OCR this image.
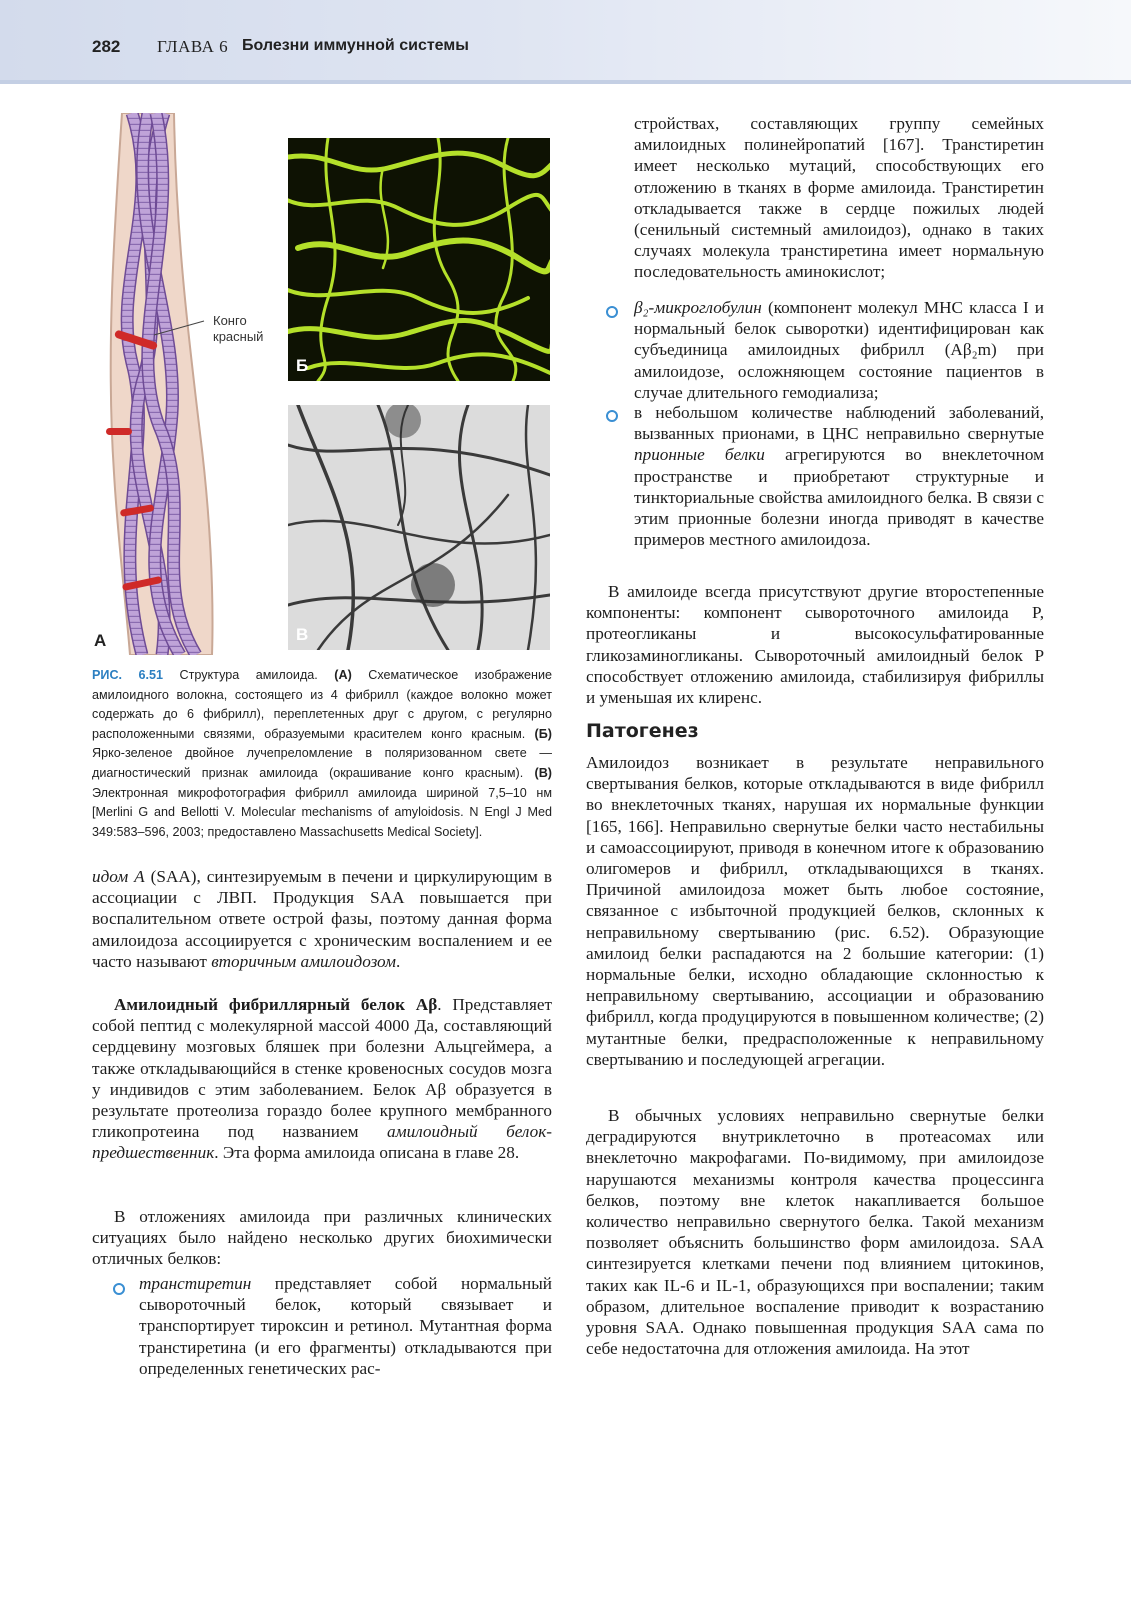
282 ГЛАВА 6 Болезни иммунной системы
А
Конго
красный
Б
В
РИС. 6.51 Структура амилоида. (А) Схематическое изображение амилоидного волокна, состоящего из 4 фибрилл (каждое волокно может содержать до 6 фибрилл), переплетенных друг с другом, с регулярно расположенными связями, образуемыми красителем конго красным. (Б) Ярко-зеленое двойное лучепреломление в поляризованном свете — диагностический признак амилоида (окрашивание конго красным). (В) Электронная микрофотография фибрилл амилоида шириной 7,5–10 нм [Merlini G and Bellotti V. Molecular mechanisms of amyloidosis. N Engl J Med 349:583–596, 2003; предоставлено Massachusetts Medical Society].

идом А (SAA), синтезируемым в печени и циркулирующим в ассоциации с ЛВП. Продукция SAA повышается при воспалительном ответе острой фазы, поэтому данная форма амилоидоза ассоциируется с хроническим воспалением и ее часто называют вторичным амилоидозом.

Амилоидный фибриллярный белок Aβ. Представляет собой пептид с молекулярной массой 4000 Да, составляющий сердцевину мозговых бляшек при болезни Альцгеймера, а также откладывающийся в стенке кровеносных сосудов мозга у индивидов с этим заболеванием. Белок Aβ образуется в результате протеолиза гораздо более крупного мембранного гликопротеина под названием амилоидный белок-предшественник. Эта форма амилоида описана в главе 28.

В отложениях амилоида при различных клинических ситуациях было найдено несколько других биохимически отличных белков:

транстиретин представляет собой нормальный сывороточный белок, который связывает и транспортирует тироксин и ретинол. Мутантная форма транстиретина (и его фрагменты) откладываются при определенных генетических рас-

стройствах, составляющих группу семейных амилоидных полинейропатий [167]. Транстиретин имеет несколько мутаций, способствующих его отложению в тканях в форме амилоида. Транстиретин откладывается также в сердце пожилых людей (сенильный системный амилоидоз), однако в таких случаях молекула транстиретина имеет нормальную последовательность аминокислот;

β₂-микроглобулин (компонент молекул МНС класса I и нормальный белок сыворотки) идентифицирован как субъединица амилоидных фибрилл (Aβ₂m) при амилоидозе, осложняющем состояние пациентов в случае длительного гемодиализа;

в небольшом количестве наблюдений заболеваний, вызванных прионами, в ЦНС неправильно свернутые прионные белки агрегируются во внеклеточном пространстве и приобретают структурные и тинкториальные свойства амилоидного белка. В связи с этим прионные болезни иногда приводят в качестве примеров местного амилоидоза.

В амилоиде всегда присутствуют другие второстепенные компоненты: компонент сывороточного амилоида P, протеогликаны и высокосульфатированные гликозаминогликаны. Сывороточный амилоидный белок P способствует отложению амилоида, стабилизируя фибриллы и уменьшая их клиренс.

Патогенез

Амилоидоз возникает в результате неправильного свертывания белков, которые откладываются в виде фибрилл во внеклеточных тканях, нарушая их нормальные функции [165, 166]. Неправильно свернутые белки часто нестабильны и самоассоциируют, приводя в конечном итоге к образованию олигомеров и фибрилл, откладывающихся в тканях. Причиной амилоидоза может быть любое состояние, связанное с избыточной продукцией белков, склонных к неправильному свертыванию (рис. 6.52). Образующие амилоид белки распадаются на 2 большие категории: (1) нормальные белки, исходно обладающие склонностью к неправильному свертыванию, ассоциации и образованию фибрилл, когда продуцируются в повышенном количестве; (2) мутантные белки, предрасположенные к неправильному свертыванию и последующей агрегации.

В обычных условиях неправильно свернутые белки деградируются внутриклеточно в протеасомах или внеклеточно макрофагами. По-видимому, при амилоидозе нарушаются механизмы контроля качества процессинга белков, поэтому вне клеток накапливается большое количество неправильно свернутого белка. Такой механизм позволяет объяснить большинство форм амилоидоза. SAA синтезируется клетками печени под влиянием цитокинов, таких как IL-6 и IL-1, образующихся при воспалении; таким образом, длительное воспаление приводит к возрастанию уровня SAA. Однако повышенная продукция SAA сама по себе недостаточна для отложения амилоида. На этот
